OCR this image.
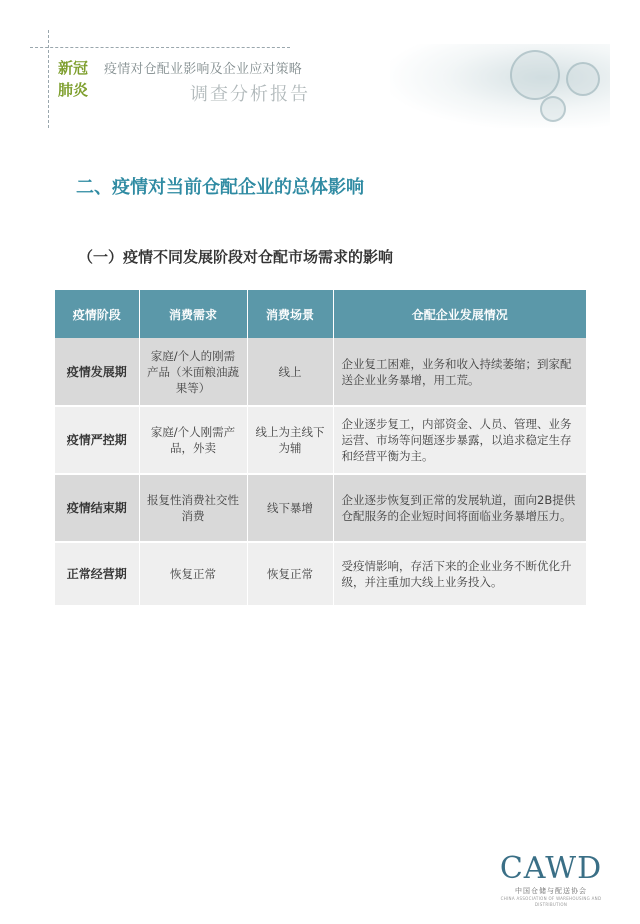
新冠
肺炎
疫情对仓配业影响及企业应对策略
调查分析报告
二、疫情对当前仓配企业的总体影响
（一）疫情不同发展阶段对仓配市场需求的影响
疫情阶段	消费需求	消费场景	仓配企业发展情况
疫情发展期	家庭/个人的刚需产品（米面粮油蔬果等）	线上	企业复工困难，业务和收入持续萎缩；到家配送企业业务暴增，用工荒。
疫情严控期	家庭/个人刚需产品，外卖	线上为主线下为辅	企业逐步复工，内部资金、人员、管理、业务运营、市场等问题逐步暴露，以追求稳定生存和经营平衡为主。
疫情结束期	报复性消费社交性消费	线下暴增	企业逐步恢复到正常的发展轨道，面向2B提供仓配服务的企业短时间将面临业务暴增压力。
正常经营期	恢复正常	恢复正常	受疫情影响，存活下来的企业业务不断优化升级，并注重加大线上业务投入。
CAWD
中国仓储与配送协会
CHINA ASSOCIATION OF WAREHOUSING AND DISTRIBUTION
